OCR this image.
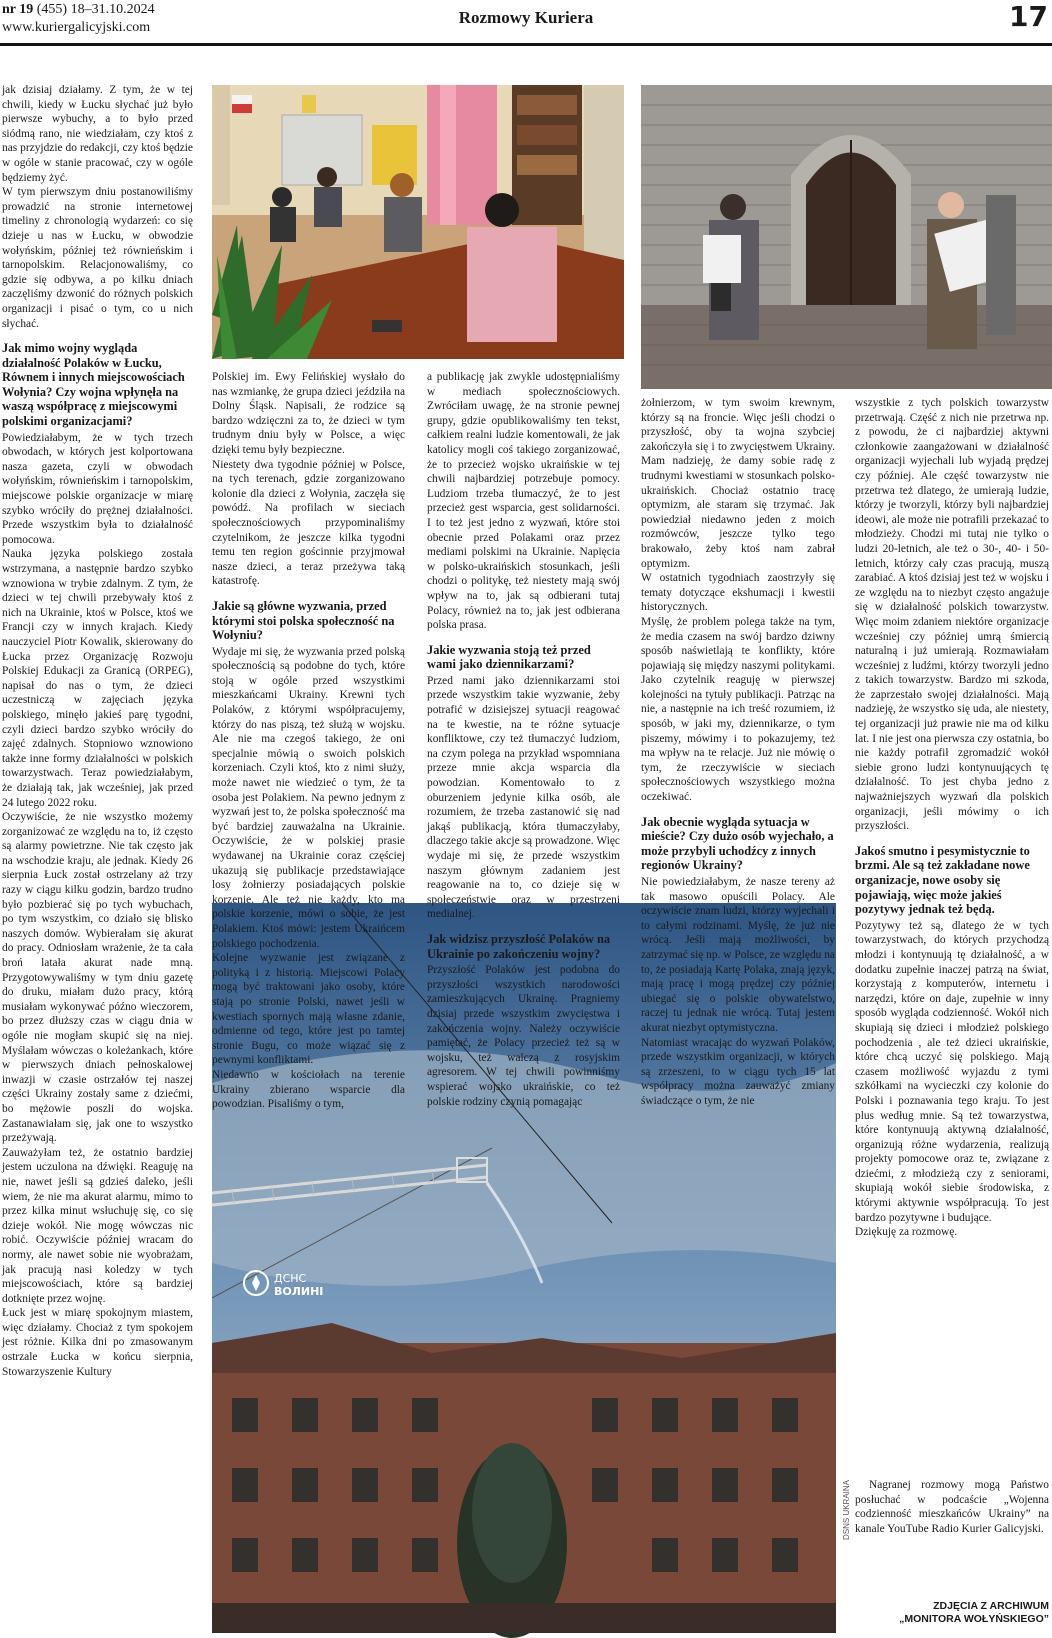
nr 19 (455) 18–31.10.2024
www.kuriergalicyjski.com
Rozmowy Kuriera	17
ДСНС
ВОЛИНІ
DSNS UKRAINA

jak dzisiaj działamy. Z tym, że w tej chwili, kiedy w Łucku słychać już było pierwsze wybuchy, a to było przed siódmą rano, nie wiedziałam, czy ktoś z nas przyjdzie do redakcji, czy ktoś będzie w ogóle w stanie pracować, czy w ogóle będziemy żyć.

W tym pierwszym dniu postanowiliśmy prowadzić na stronie internetowej timeliny z chronologią wydarzeń: co się dzieje u nas w Łucku, w obwodzie wołyńskim, później też równieńskim i tarnopolskim. Relacjonowaliśmy, co gdzie się odbywa, a po kilku dniach zaczęliśmy dzwonić do różnych polskich organizacji i pisać o tym, co u nich słychać.

Jak mimo wojny wygląda działalność Polaków w Łucku, Równem i innych miejscowościach Wołynia? Czy wojna wpłynęła na waszą współpracę z miejscowymi polskimi organizacjami?

Powiedziałabym, że w tych trzech obwodach, w których jest kolportowana nasza gazeta, czyli w obwodach wołyńskim, równieńskim i tarnopolskim, miejscowe polskie organizacje w miarę szybko wróciły do prężnej działalności. Przede wszystkim była to działalność pomocowa.

Nauka języka polskiego została wstrzymana, a następnie bardzo szybko wznowiona w trybie zdalnym. Z tym, że dzieci w tej chwili przebywały ktoś z nich na Ukrainie, ktoś w Polsce, ktoś we Francji czy w innych krajach. Kiedy nauczyciel Piotr Kowalik, skierowany do Łucka przez Organizację Rozwoju Polskiej Edukacji za Granicą (ORPEG), napisał do nas o tym, że dzieci uczestniczą w zajęciach języka polskiego, minęło jakieś parę tygodni, czyli dzieci bardzo szybko wróciły do zajęć zdalnych. Stopniowo wznowiono także inne formy działalności w polskich towarzystwach. Teraz powiedziałabym, że działają tak, jak wcześniej, jak przed 24 lutego 2022 roku.

Oczywiście, że nie wszystko możemy zorganizować ze względu na to, iż często są alarmy powietrzne. Nie tak często jak na wschodzie kraju, ale jednak. Kiedy 26 sierpnia Łuck został ostrzelany aż trzy razy w ciągu kilku godzin, bardzo trudno było pozbierać się po tych wybuchach, po tym wszystkim, co działo się blisko naszych domów. Wybierałam się akurat do pracy. Odniosłam wrażenie, że ta cała broń latała akurat nade mną. Przygotowywaliśmy w tym dniu gazetę do druku, miałam dużo pracy, którą musiałam wykonywać późno wieczorem, bo przez dłuższy czas w ciągu dnia w ogóle nie mogłam skupić się na niej. Myślałam wówczas o koleżankach, które w pierwszych dniach pełnoskalowej inwazji w czasie ostrzałów tej naszej części Ukrainy zostały same z dziećmi, bo mężowie poszli do wojska. Zastanawiałam się, jak one to wszystko przeżywają.

Zauważyłam też, że ostatnio bardziej jestem uczulona na dźwięki. Reaguję na nie, nawet jeśli są gdzieś daleko, jeśli wiem, że nie ma akurat alarmu, mimo to przez kilka minut wsłuchuję się, co się dzieje wokół. Nie mogę wówczas nic robić. Oczywiście później wracam do normy, ale nawet sobie nie wyobrażam, jak pracują nasi koledzy w tych miejscowościach, które są bardziej dotknięte przez wojnę.

Łuck jest w miarę spokojnym miastem, więc działamy. Chociaż z tym spokojem jest różnie. Kilka dni po zmasowanym ostrzale Łucka w końcu sierpnia, Stowarzyszenie Kultury

Polskiej im. Ewy Felińskiej wysłało do nas wzmiankę, że grupa dzieci jeździła na Dolny Śląsk. Napisali, że rodzice są bardzo wdzięczni za to, że dzieci w tym trudnym dniu były w Polsce, a więc dzięki temu były bezpieczne.

Niestety dwa tygodnie później w Polsce, na tych terenach, gdzie zorganizowano kolonie dla dzieci z Wołynia, zaczęła się powódź. Na profilach w sieciach społecznościowych przypominaliśmy czytelnikom, że jeszcze kilka tygodni temu ten region gościnnie przyjmował nasze dzieci, a teraz przeżywa taką katastrofę.

Jakie są główne wyzwania, przed którymi stoi polska społeczność na Wołyniu?

Wydaje mi się, że wyzwania przed polską społecznością są podobne do tych, które stoją w ogóle przed wszystkimi mieszkańcami Ukrainy. Krewni tych Polaków, z którymi współpracujemy, którzy do nas piszą, też służą w wojsku. Ale nie ma czegoś takiego, że oni specjalnie mówią o swoich polskich korzeniach. Czyli ktoś, kto z nimi służy, może nawet nie wiedzieć o tym, że ta osoba jest Polakiem. Na pewno jednym z wyzwań jest to, że polska społeczność ma być bardziej zauważalna na Ukrainie. Oczywiście, że w polskiej prasie wydawanej na Ukrainie coraz częściej ukazują się publikacje przedstawiające losy żołnierzy posiadających polskie korzenie. Ale też nie każdy, kto ma polskie korzenie, mówi o sobie, że jest Polakiem. Ktoś mówi: jestem Ukraińcem polskiego pochodzenia.

Kolejne wyzwanie jest związane z polityką i z historią. Miejscowi Polacy mogą być traktowani jako osoby, które stają po stronie Polski, nawet jeśli w kwestiach spornych mają własne zdanie, odmienne od tego, które jest po tamtej stronie Bugu, co może wiązać się z pewnymi konfliktami.

Niedawno w kościołach na terenie Ukrainy zbierano wsparcie dla powodzian. Pisaliśmy o tym,

a publikację jak zwykle udostępnialiśmy w mediach społecznościowych. Zwróciłam uwagę, że na stronie pewnej grupy, gdzie opublikowaliśmy ten tekst, całkiem realni ludzie komentowali, że jak katolicy mogli coś takiego zorganizować, że to przecież wojsko ukraińskie w tej chwili najbardziej potrzebuje pomocy. Ludziom trzeba tłumaczyć, że to jest przecież gest wsparcia, gest solidarności. I to też jest jedno z wyzwań, które stoi obecnie przed Polakami oraz przez mediami polskimi na Ukrainie. Napięcia w polsko-ukraińskich stosunkach, jeśli chodzi o politykę, też niestety mają swój wpływ na to, jak są odbierani tutaj Polacy, również na to, jak jest odbierana polska prasa.

Jakie wyzwania stoją też przed wami jako dziennikarzami?

Przed nami jako dziennikarzami stoi przede wszystkim takie wyzwanie, żeby potrafić w dzisiejszej sytuacji reagować na te kwestie, na te różne sytuacje konfliktowe, czy też tłumaczyć ludziom, na czym polega na przykład wspomniana przeze mnie akcja wsparcia dla powodzian. Komentowało to z oburzeniem jedynie kilka osób, ale rozumiem, że trzeba zastanowić się nad jakąś publikacją, która tłumaczyłaby, dlaczego takie akcje są prowadzone. Więc wydaje mi się, że przede wszystkim naszym głównym zadaniem jest reagowanie na to, co dzieje się w społeczeństwie oraz w przestrzeni medialnej.

Jak widzisz przyszłość Polaków na Ukrainie po zakończeniu wojny?

Przyszłość Polaków jest podobna do przyszłości wszystkich narodowości zamieszkujących Ukrainę. Pragniemy dzisiaj przede wszystkim zwycięstwa i zakończenia wojny. Należy oczywiście pamiętać, że Polacy przecież też są w wojsku, też walczą z rosyjskim agresorem. W tej chwili powinniśmy wspierać wojsko ukraińskie, co też polskie rodziny czynią pomagając

żołnierzom, w tym swoim krewnym, którzy są na froncie. Więc jeśli chodzi o przyszłość, oby ta wojna szybciej zakończyła się i to zwycięstwem Ukrainy. Mam nadzieję, że damy sobie radę z trudnymi kwestiami w stosunkach polsko-ukraińskich. Chociaż ostatnio tracę optymizm, ale staram się trzymać. Jak powiedział niedawno jeden z moich rozmówców, jeszcze tylko tego brakowało, żeby ktoś nam zabrał optymizm.

W ostatnich tygodniach zaostrzyły się tematy dotyczące ekshumacji i kwestii historycznych.

Myślę, że problem polega także na tym, że media czasem na swój bardzo dziwny sposób naświetlają te konflikty, które pojawiają się między naszymi politykami. Jako czytelnik reaguję w pierwszej kolejności na tytuły publikacji. Patrząc na nie, a następnie na ich treść rozumiem, iż sposób, w jaki my, dziennikarze, o tym piszemy, mówimy i to pokazujemy, też ma wpływ na te relacje. Już nie mówię o tym, że rzeczywiście w sieciach społecznościowych wszystkiego można oczekiwać.

Jak obecnie wygląda sytuacja w mieście? Czy dużo osób wyjechało, a może przybyli uchodźcy z innych regionów Ukrainy?

Nie powiedziałabym, że nasze tereny aż tak masowo opuścili Polacy. Ale oczywiście znam ludzi, którzy wyjechali i to całymi rodzinami. Myślę, że już nie wrócą. Jeśli mają możliwości, by zatrzymać się np. w Polsce, ze względu na to, że posiadają Kartę Polaka, znają język, mają pracę i mogą prędzej czy później ubiegać się o polskie obywatelstwo, raczej tu jednak nie wrócą. Tutaj jestem akurat niezbyt optymistyczna.

Natomiast wracając do wyzwań Polaków, przede wszystkim organizacji, w których są zrzeszeni, to w ciągu tych 15 lat współpracy można zauważyć zmiany świadczące o tym, że nie

wszystkie z tych polskich towarzystw przetrwają. Część z nich nie przetrwa np. z powodu, że ci najbardziej aktywni członkowie zaangażowani w działalność organizacji wyjechali lub wyjadą prędzej czy później. Ale część towarzystw nie przetrwa też dlatego, że umierają ludzie, którzy je tworzyli, którzy byli najbardziej ideowi, ale może nie potrafili przekazać to młodzieży. Chodzi mi tutaj nie tylko o ludzi 20-letnich, ale też o 30-, 40- i 50-letnich, którzy cały czas pracują, muszą zarabiać. A ktoś dzisiaj jest też w wojsku i ze względu na to niezbyt często angażuje się w działalność polskich towarzystw. Więc moim zdaniem niektóre organizacje wcześniej czy później umrą śmiercią naturalną i już umierają. Rozmawiałam wcześniej z ludźmi, którzy tworzyli jedno z takich towarzystw. Bardzo mi szkoda, że zaprzestało swojej działalności. Mają nadzieję, że wszystko się uda, ale niestety, tej organizacji już prawie nie ma od kilku lat. I nie jest ona pierwsza czy ostatnia, bo nie każdy potrafił zgromadzić wokół siebie grono ludzi kontynuujących tę działalność. To jest chyba jedno z najważniejszych wyzwań dla polskich organizacji, jeśli mówimy o ich przyszłości.

Jakoś smutno i pesymistycznie to brzmi. Ale są też zakładane nowe organizacje, nowe osoby się pojawiają, więc może jakieś pozytywy jednak też będą.

Pozytywy też są, dlatego że w tych towarzystwach, do których przychodzą młodzi i kontynuują tę działalność, a w dodatku zupełnie inaczej patrzą na świat, korzystają z komputerów, internetu i narzędzi, które on daje, zupełnie w inny sposób wygląda codzienność. Wokół nich skupiają się dzieci i młodzież polskiego pochodzenia , ale też dzieci ukraińskie, które chcą uczyć się polskiego. Mają czasem możliwość wyjazdu z tymi szkółkami na wycieczki czy kolonie do Polski i poznawania tego kraju. To jest plus według mnie. Są też towarzystwa, które kontynuują aktywną działalność, organizują różne wydarzenia, realizują projekty pomocowe oraz te, związane z dziećmi, z młodzieżą czy z seniorami, skupiają wokół siebie środowiska, z którymi aktywnie współpracują. To jest bardzo pozytywne i budujące.

Dziękuję za rozmowę.

Nagranej rozmowy mogą Państwo posłuchać w podcaście „Wojenna codzienność mieszkańców Ukrainy” na kanale YouTube Radio Kurier Galicyjski.
ZDJĘCIA Z ARCHIWUM
„MONITORA WOŁYŃSKIEGO”
